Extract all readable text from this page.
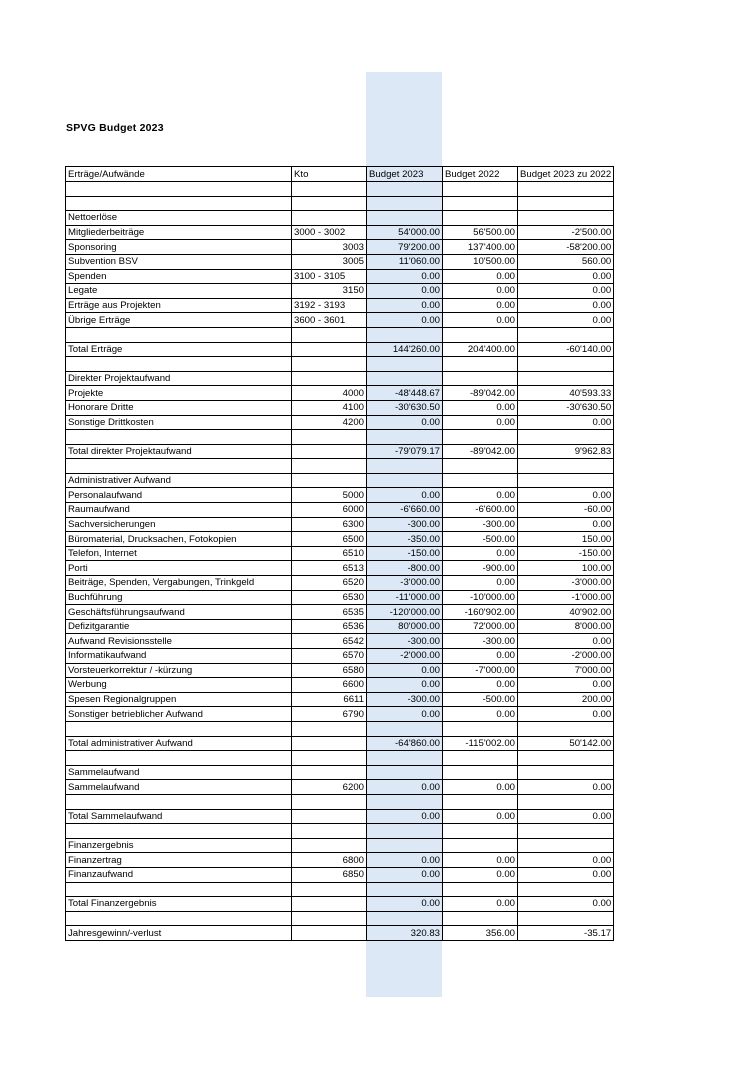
SPVG Budget 2023
Erträge/Aufwände	Kto	Budget 2023	Budget 2022	Budget 2023 zu 2022

Nettoerlöse				
Mitgliederbeiträge	3000 - 3002	54'000.00	56'500.00	-2'500.00
Sponsoring	3003	79'200.00	137'400.00	-58'200.00
Subvention BSV	3005	11'060.00	10'500.00	560.00
Spenden	3100 - 3105	0.00	0.00	0.00
Legate	3150	0.00	0.00	0.00
Erträge aus Projekten	3192 - 3193	0.00	0.00	0.00
Übrige Erträge	3600 - 3601	0.00	0.00	0.00

Total Erträge		144'260.00	204'400.00	-60'140.00

Direkter Projektaufwand				
Projekte	4000	-48'448.67	-89'042.00	40'593.33
Honorare Dritte	4100	-30'630.50	0.00	-30'630.50
Sonstige Drittkosten	4200	0.00	0.00	0.00

Total direkter Projektaufwand		-79'079.17	-89'042.00	9'962.83

Administrativer Aufwand				
Personalaufwand	5000	0.00	0.00	0.00
Raumaufwand	6000	-6'660.00	-6'600.00	-60.00
Sachversicherungen	6300	-300.00	-300.00	0.00
Büromaterial, Drucksachen, Fotokopien	6500	-350.00	-500.00	150.00
Telefon, Internet	6510	-150.00	0.00	-150.00
Porti	6513	-800.00	-900.00	100.00
Beiträge, Spenden, Vergabungen, Trinkgeld	6520	-3'000.00	0.00	-3'000.00
Buchführung	6530	-11'000.00	-10'000.00	-1'000.00
Geschäftsführungsaufwand	6535	-120'000.00	-160'902.00	40'902.00
Defizitgarantie	6536	80'000.00	72'000.00	8'000.00
Aufwand Revisionsstelle	6542	-300.00	-300.00	0.00
Informatikaufwand	6570	-2'000.00	0.00	-2'000.00
Vorsteuerkorrektur / -kürzung	6580	0.00	-7'000.00	7'000.00
Werbung	6600	0.00	0.00	0.00
Spesen Regionalgruppen	6611	-300.00	-500.00	200.00
Sonstiger betrieblicher Aufwand	6790	0.00	0.00	0.00

Total administrativer Aufwand		-64'860.00	-115'002.00	50'142.00

Sammelaufwand				
Sammelaufwand	6200	0.00	0.00	0.00

Total Sammelaufwand		0.00	0.00	0.00

Finanzergebnis				
Finanzertrag	6800	0.00	0.00	0.00
Finanzaufwand	6850	0.00	0.00	0.00

Total Finanzergebnis		0.00	0.00	0.00

Jahresgewinn/-verlust		320.83	356.00	-35.17
